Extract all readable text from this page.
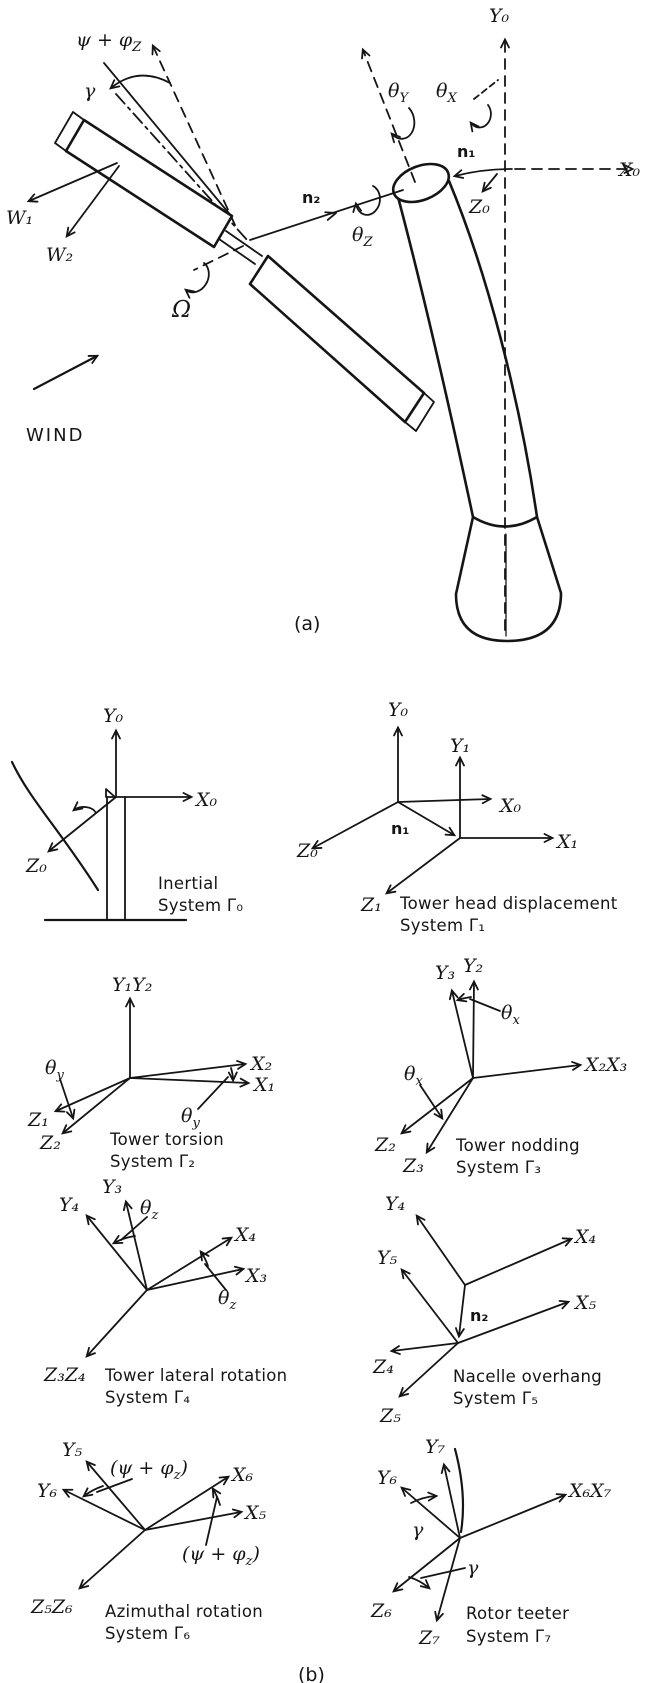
$\psi + \varphi_Z$
γ
W₁
W₂
Ω
WIND
n₂
$\theta_Z$
$\theta_Y$ $\theta_X$
n₁
Y₀
X₀
Z₀
(a)
Y₀
X₀
Z₀
Inertial
System Γ₀
Y₀
Y₁
X₀
X₁
Z₀
Z₁
n₁
Tower head displacement
System Γ₁
Y₁Y₂
X₂
X₁
Z₁
Z₂
$\theta_y$
$\theta_y$
Tower torsion
System Γ₂
Y₃ Y₂
X₂X₃
Z₂
Z₃
$\theta_x$
$\theta_x$
Tower nodding
System Γ₃
Y₃
Y₄
X₄
X₃
Z₃Z₄
$\theta_z$
$\theta_z$
Tower lateral rotation
System Γ₄
Y₄
Y₅
X₄
X₅
n₂
Z₄
Z₅
Nacelle overhang
System Γ₅
Y₅
Y₆
X₆
X₅
Z₅Z₆
$(\psi + \varphi_z)$
$(\psi + \varphi_z)$
Azimuthal rotation
System Γ₆
Y₇
Y₆
X₆X₇
γ
γ
Z₆
Z₇
Rotor teeter
System Γ₇
(b)
